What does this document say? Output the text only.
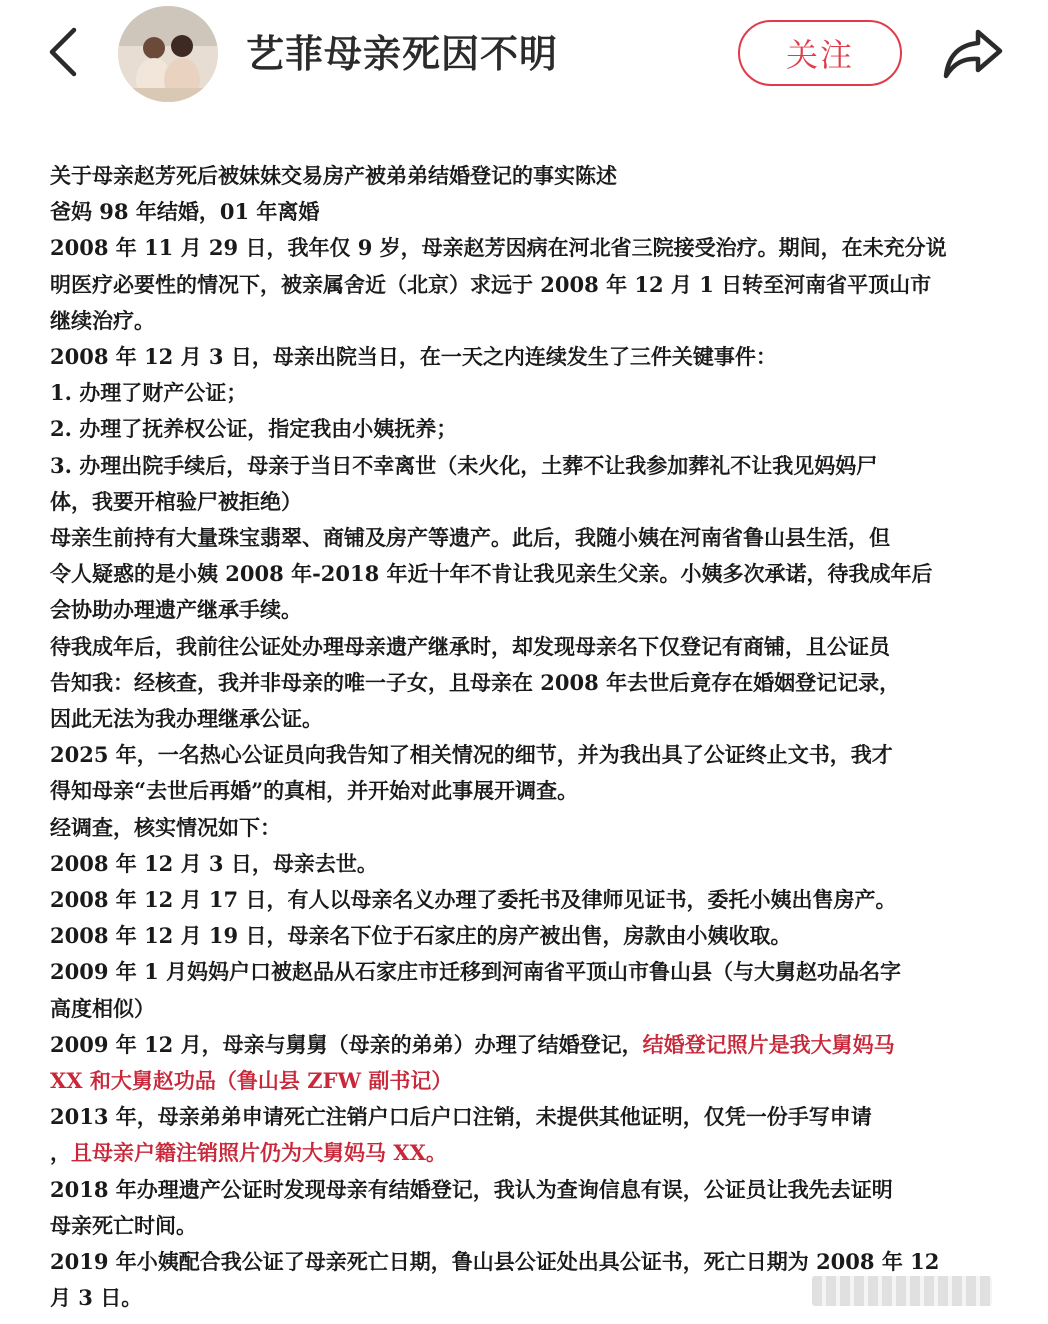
艺菲母亲死因不明	关注
关于母亲赵芳死后被妹妹交易房产被弟弟结婚登记的事实陈述
爸妈 98 年结婚，01 年离婚
2008 年 11 月 29 日，我年仅 9 岁，母亲赵芳因病在河北省三院接受治疗。期间，在未充分说
明医疗必要性的情况下，被亲属舍近（北京）求远于 2008 年 12 月 1 日转至河南省平顶山市
继续治疗。
2008 年 12 月 3 日，母亲出院当日，在一天之内连续发生了三件关键事件：
1. 办理了财产公证；
2. 办理了抚养权公证，指定我由小姨抚养；
3. 办理出院手续后，母亲于当日不幸离世（未火化，土葬不让我参加葬礼不让我见妈妈尸
体，我要开棺验尸被拒绝）
母亲生前持有大量珠宝翡翠、商铺及房产等遗产。此后，我随小姨在河南省鲁山县生活，但
令人疑惑的是小姨 2008 年-2018 年近十年不肯让我见亲生父亲。小姨多次承诺，待我成年后
会协助办理遗产继承手续。
待我成年后，我前往公证处办理母亲遗产继承时，却发现母亲名下仅登记有商铺，且公证员
告知我：经核查，我并非母亲的唯一子女，且母亲在 2008 年去世后竟存在婚姻登记记录，
因此无法为我办理继承公证。
2025 年，一名热心公证员向我告知了相关情况的细节，并为我出具了公证终止文书，我才
得知母亲“去世后再婚”的真相，并开始对此事展开调查。
经调查，核实情况如下：
2008 年 12 月 3 日，母亲去世。
2008 年 12 月 17 日，有人以母亲名义办理了委托书及律师见证书，委托小姨出售房产。
2008 年 12 月 19 日，母亲名下位于石家庄的房产被出售，房款由小姨收取。
2009 年 1 月妈妈户口被赵品从石家庄市迁移到河南省平顶山市鲁山县（与大舅赵功品名字
高度相似）
2009 年 12 月，母亲与舅舅（母亲的弟弟）办理了结婚登记，结婚登记照片是我大舅妈马
XX 和大舅赵功品（鲁山县 ZFW 副书记）
2013 年，母亲弟弟申请死亡注销户口后户口注销，未提供其他证明，仅凭一份手写申请
，且母亲户籍注销照片仍为大舅妈马 XX。
2018 年办理遗产公证时发现母亲有结婚登记，我认为查询信息有误，公证员让我先去证明
母亲死亡时间。
2019 年小姨配合我公证了母亲死亡日期，鲁山县公证处出具公证书，死亡日期为 2008 年 12
月 3 日。
